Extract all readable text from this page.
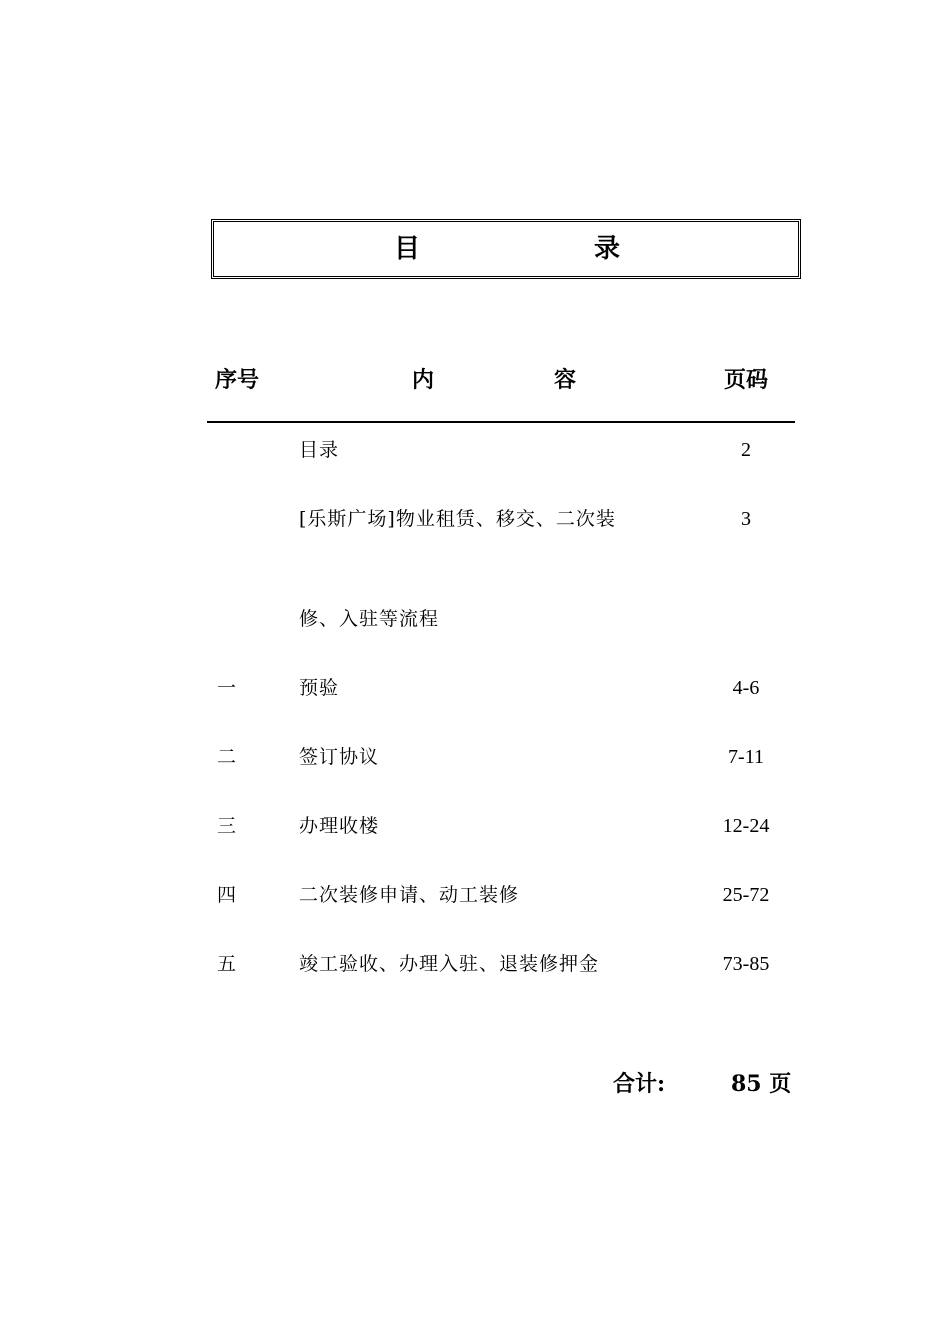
目	录
序号	内	容	页码
目录	2
[乐斯广场]物业租赁、移交、二次装	3
修、入驻等流程
一	预验	4-6
二	签订协议	7-11
三	办理收楼	12-24
四	二次装修申请、动工装修	25-72
五	竣工验收、办理入驻、退装修押金	73-85
合计:	85 页
